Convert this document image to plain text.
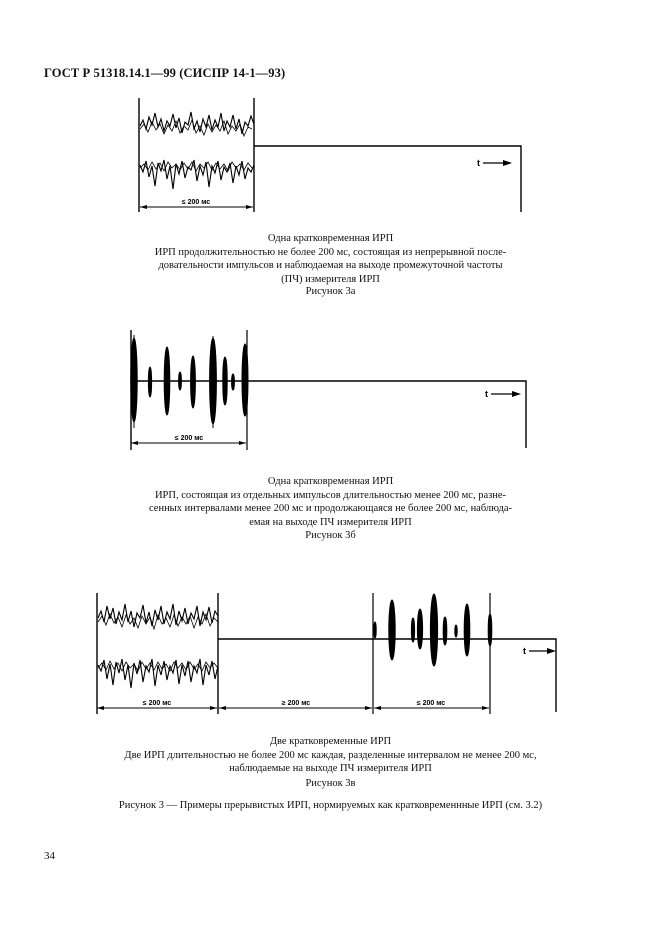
ГОСТ Р 51318.14.1—99 (СИСПР 14-1—93)
≤ 200 мс
t
Одна кратковременная ИРП
ИРП продолжительностью не более 200 мс, состоящая из непрерывной после-
довательности импульсов и наблюдаемая на выходе промежуточной частоты
(ПЧ) измерителя ИРП
Рисунок 3а
≤ 200 мс
t
Одна кратковременная ИРП
ИРП, состоящая из отдельных импульсов длительностью менее 200 мс, разне-
сенных интервалами менее 200 мс и продолжающаяся не более 200 мс, наблюда-
емая на выходе ПЧ измерителя ИРП
Рисунок 3б
≤ 200 мс	≥ 200 мс	≤ 200 мс
t
Две кратковременные ИРП
Две ИРП длительностью не более 200 мс каждая, разделенные интервалом не менее 200 мс,
наблюдаемые на выходе ПЧ измерителя ИРП
Рисунок 3в
Рисунок 3 — Примеры прерывистых ИРП, нормируемых как кратковременнные ИРП (см. 3.2)
34
